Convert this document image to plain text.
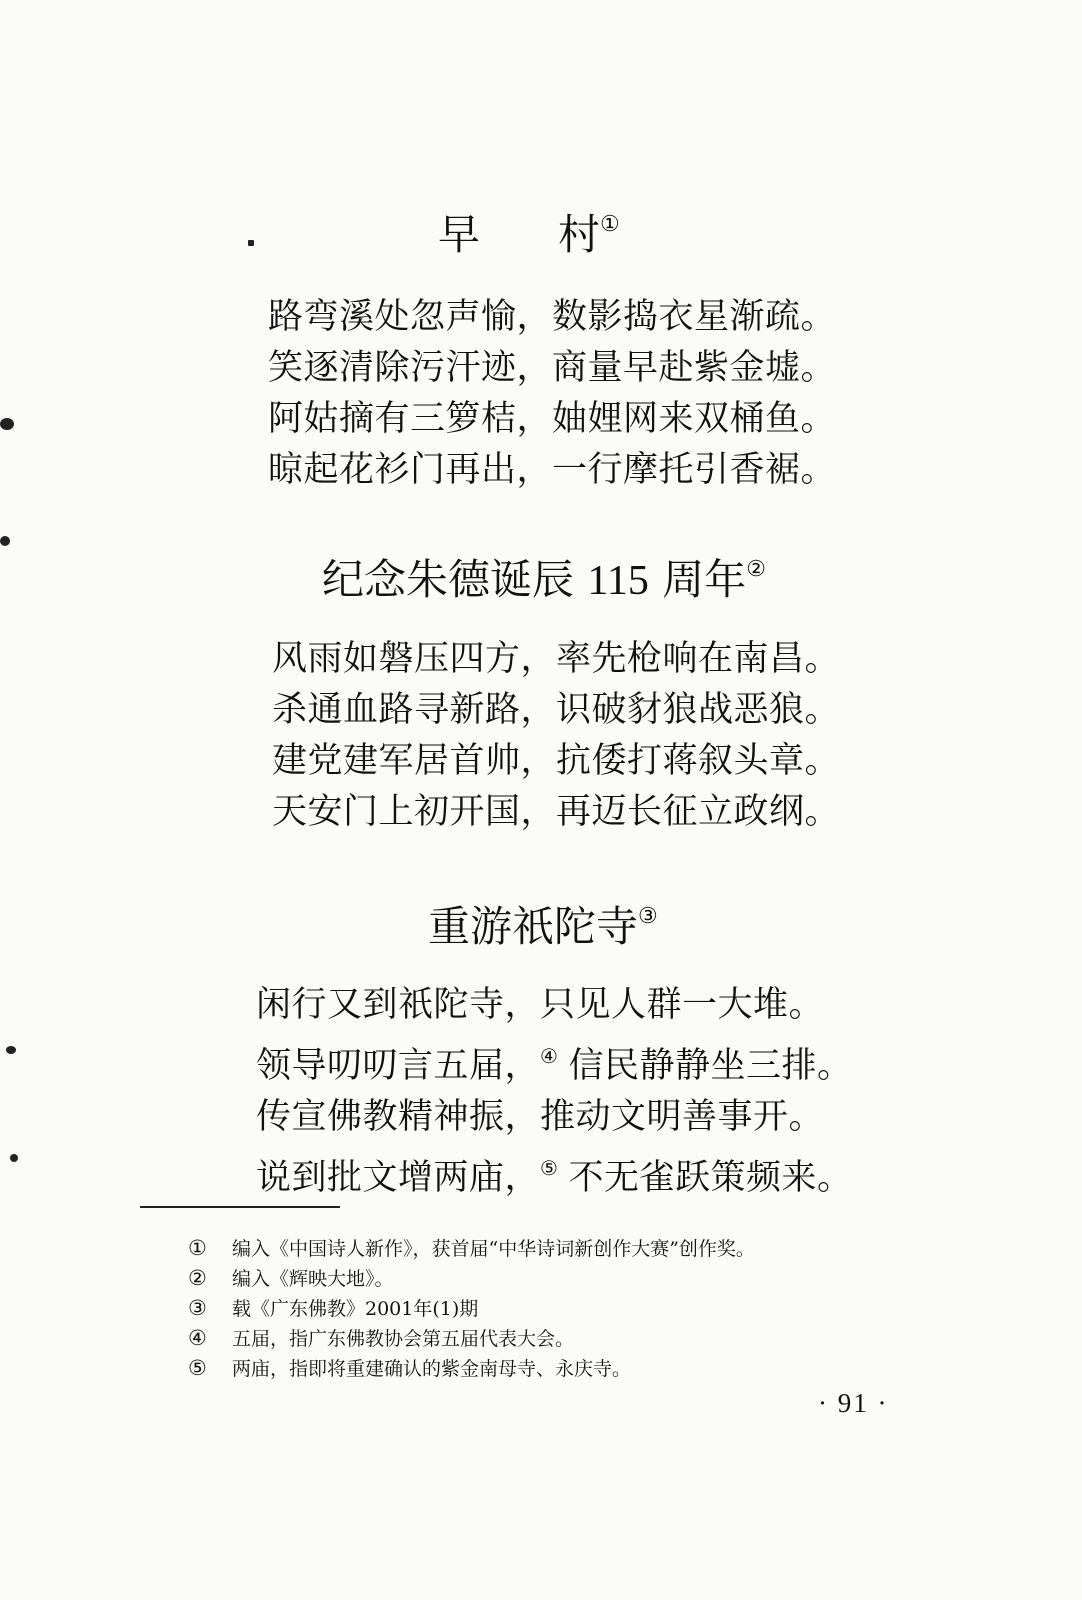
早 村①
路弯溪处忽声愉，数影捣衣星渐疏。
笑逐清除污汗迹，商量早赴紫金墟。
阿姑摘有三箩桔，妯娌网来双桶鱼。
晾起花衫门再出，一行摩托引香裾。
纪念朱德诞辰 115 周年②
风雨如磐压四方，率先枪响在南昌。
杀通血路寻新路，识破豺狼战恶狼。
建党建军居首帅，抗倭打蒋叙头章。
天安门上初开国，再迈长征立政纲。
重游祇陀寺③
闲行又到祇陀寺，只见人群一大堆。
领导叨叨言五届，④ 信民静静坐三排。
传宣佛教精神振，推动文明善事开。
说到批文增两庙，⑤ 不无雀跃策频来。
① 编入《中国诗人新作》，获首届“中华诗词新创作大赛”创作奖。
② 编入《辉映大地》。
③ 载《广东佛教》2001年(1)期
④ 五届，指广东佛教协会第五届代表大会。
⑤ 两庙，指即将重建确认的紫金南母寺、永庆寺。
· 91 ·
